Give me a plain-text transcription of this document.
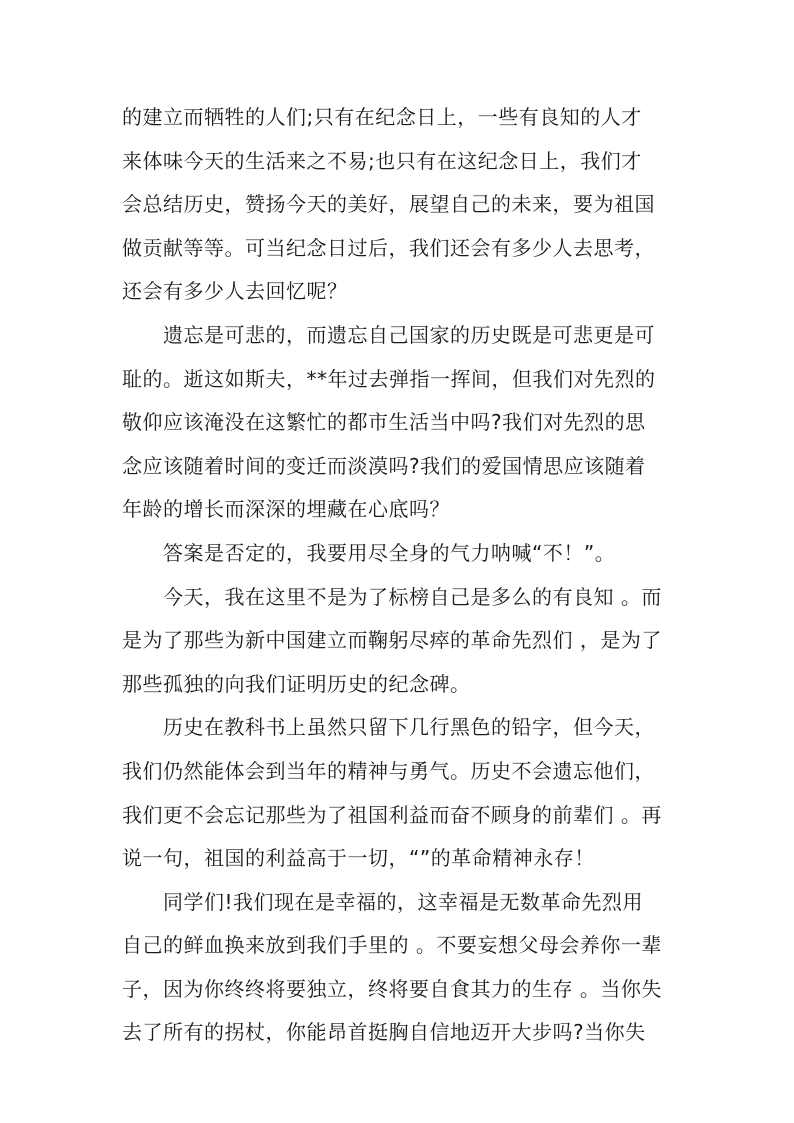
的建立而牺牲的人们;只有在纪念日上，一些有良知的人才
来体味今天的生活来之不易;也只有在这纪念日上，我们才
会总结历史，赞扬今天的美好，展望自己的未来，要为祖国
做贡献等等。可当纪念日过后，我们还会有多少人去思考，
还会有多少人去回忆呢？
　　遗忘是可悲的，而遗忘自己国家的历史既是可悲更是可
耻的。逝这如斯夫，**年过去弹指一挥间，但我们对先烈的
敬仰应该淹没在这繁忙的都市生活当中吗?我们对先烈的思
念应该随着时间的变迁而淡漠吗?我们的爱国情思应该随着
年龄的增长而深深的埋藏在心底吗？
　　答案是否定的，我要用尽全身的气力呐喊“不！”。
　　今天，我在这里不是为了标榜自己是多么的有良知 。而
是为了那些为新中国建立而鞠躬尽瘁的革命先烈们 ，是为了
那些孤独的向我们证明历史的纪念碑。
　　历史在教科书上虽然只留下几行黑色的铅字，但今天，
我们仍然能体会到当年的精神与勇气。历史不会遗忘他们，
我们更不会忘记那些为了祖国利益而奋不顾身的前辈们 。再
说一句，祖国的利益高于一切，“”的革命精神永存！
　　同学们!我们现在是幸福的，这幸福是无数革命先烈用
自己的鲜血换来放到我们手里的 。不要妄想父母会养你一辈
子，因为你终终将要独立，终将要自食其力的生存 。当你失
去了所有的拐杖，你能昂首挺胸自信地迈开大步吗?当你失
